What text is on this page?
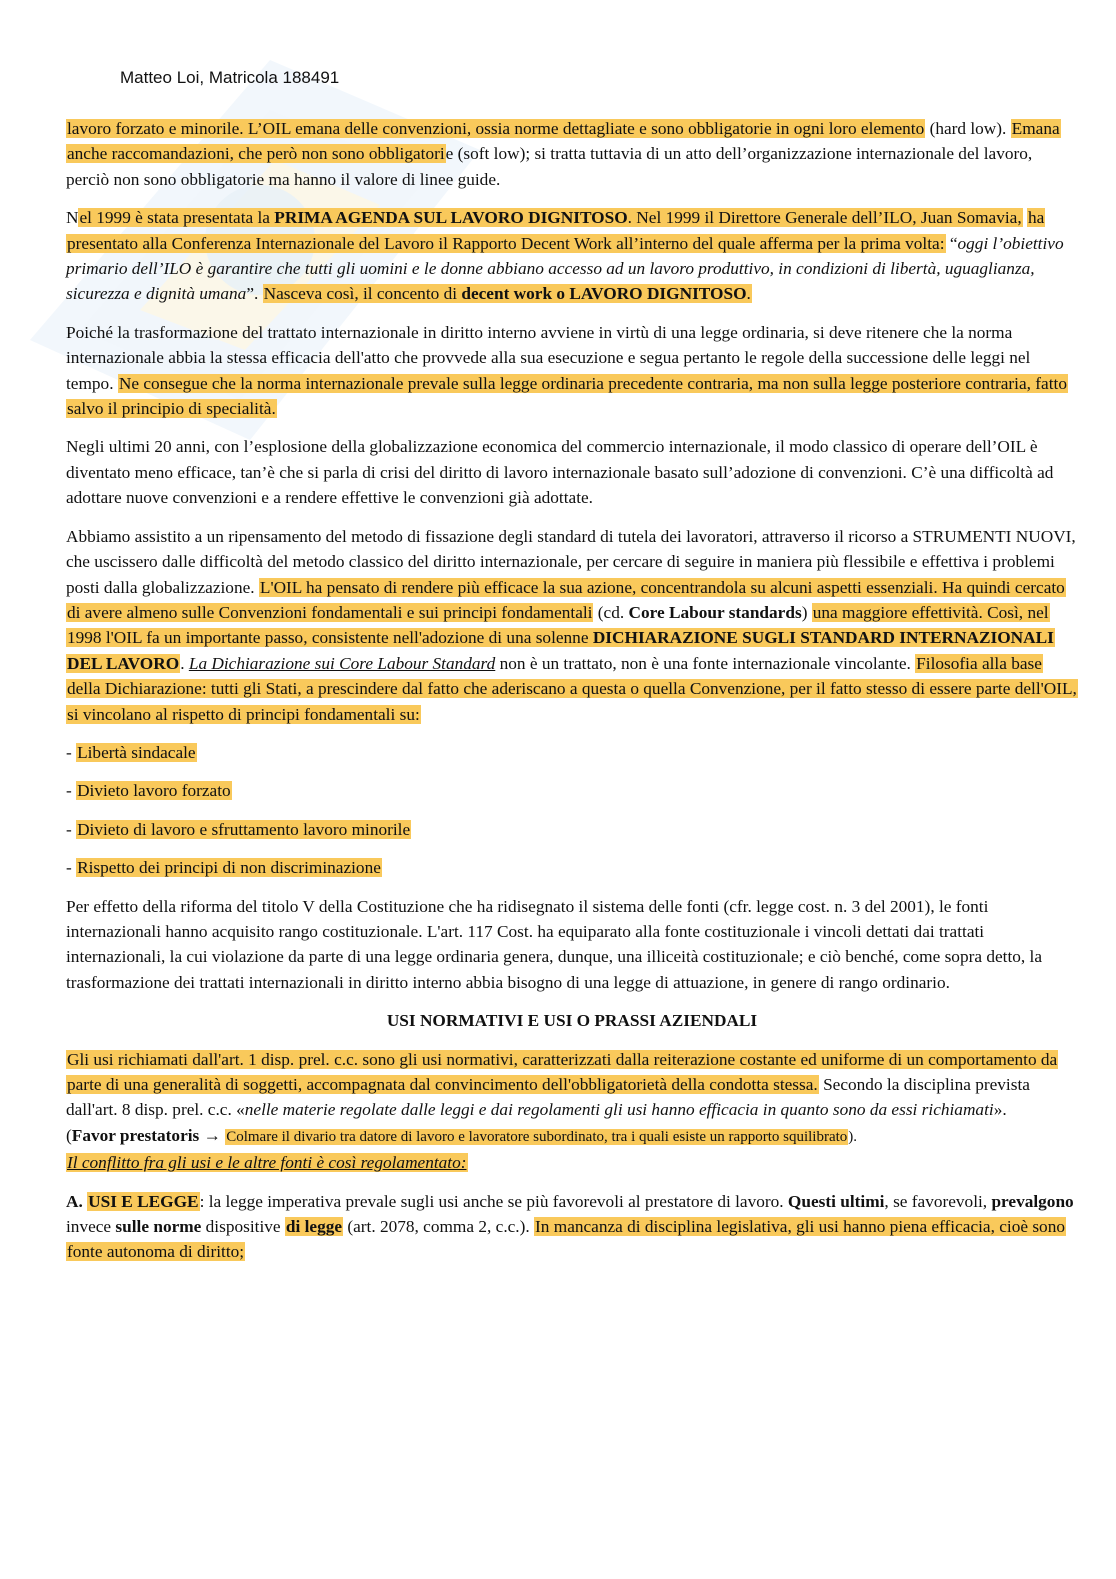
Matteo Loi, Matricola 188491

lavoro forzato e minorile. L’OIL emana delle convenzioni, ossia norme dettagliate e sono obbligatorie in ogni loro elemento (hard low). Emana anche raccomandazioni, che però non sono obbligatorie (soft low); si tratta tuttavia di un atto dell’organizzazione internazionale del lavoro, perciò non sono obbligatorie ma hanno il valore di linee guide.

Nel 1999 è stata presentata la PRIMA AGENDA SUL LAVORO DIGNITOSO. Nel 1999 il Direttore Generale dell’ILO, Juan Somavia, ha presentato alla Conferenza Internazionale del Lavoro il Rapporto Decent Work all’interno del quale afferma per la prima volta: “oggi l’obiettivo primario dell’ILO è garantire che tutti gli uomini e le donne abbiano accesso ad un lavoro produttivo, in condizioni di libertà, uguaglianza, sicurezza e dignità umana”. Nasceva così, il concento di decent work o LAVORO DIGNITOSO.

Poiché la trasformazione del trattato internazionale in diritto interno avviene in virtù di una legge ordinaria, si deve ritenere che la norma internazionale abbia la stessa efficacia dell'atto che provvede alla sua esecuzione e segua pertanto le regole della successione delle leggi nel tempo. Ne consegue che la norma internazionale prevale sulla legge ordinaria precedente contraria, ma non sulla legge posteriore contraria, fatto salvo il principio di specialità.

Negli ultimi 20 anni, con l’esplosione della globalizzazione economica del commercio internazionale, il modo classico di operare dell’OIL è diventato meno efficace, tan’è che si parla di crisi del diritto di lavoro internazionale basato sull’adozione di convenzioni. C’è una difficoltà ad adottare nuove convenzioni e a rendere effettive le convenzioni già adottate.

Abbiamo assistito a un ripensamento del metodo di fissazione degli standard di tutela dei lavoratori, attraverso il ricorso a STRUMENTI NUOVI, che uscissero dalle difficoltà del metodo classico del diritto internazionale, per cercare di seguire in maniera più flessibile e effettiva i problemi posti dalla globalizzazione. L'OIL ha pensato di rendere più efficace la sua azione, concentrandola su alcuni aspetti essenziali. Ha quindi cercato di avere almeno sulle Convenzioni fondamentali e sui principi fondamentali (cd. Core Labour standards) una maggiore effettività. Così, nel 1998 l'OIL fa un importante passo, consistente nell'adozione di una solenne DICHIARAZIONE SUGLI STANDARD INTERNAZIONALI DEL LAVORO. La Dichiarazione sui Core Labour Standard non è un trattato, non è una fonte internazionale vincolante. Filosofia alla base della Dichiarazione: tutti gli Stati, a prescindere dal fatto che aderiscano a questa o quella Convenzione, per il fatto stesso di essere parte dell'OIL, si vincolano al rispetto di principi fondamentali su:

- Libertà sindacale

- Divieto lavoro forzato

- Divieto di lavoro e sfruttamento lavoro minorile

- Rispetto dei principi di non discriminazione

Per effetto della riforma del titolo V della Costituzione che ha ridisegnato il sistema delle fonti (cfr. legge cost. n. 3 del 2001), le fonti internazionali hanno acquisito rango costituzionale. L'art. 117 Cost. ha equiparato alla fonte costituzionale i vincoli dettati dai trattati internazionali, la cui violazione da parte di una legge ordinaria genera, dunque, una illiceità costituzionale; e ciò benché, come sopra detto, la trasformazione dei trattati internazionali in diritto interno abbia bisogno di una legge di attuazione, in genere di rango ordinario.

USI NORMATIVI E USI O PRASSI AZIENDALI

Gli usi richiamati dall'art. 1 disp. prel. c.c. sono gli usi normativi, caratterizzati dalla reiterazione costante ed uniforme di un comportamento da parte di una generalità di soggetti, accompagnata dal convincimento dell'obbligatorietà della condotta stessa. Secondo la disciplina prevista dall'art. 8 disp. prel. c.c. «nelle materie regolate dalle leggi e dai regolamenti gli usi hanno efficacia in quanto sono da essi richiamati».

(Favor prestatoris → Colmare il divario tra datore di lavoro e lavoratore subordinato, tra i quali esiste un rapporto squilibrato).

Il conflitto fra gli usi e le altre fonti è così regolamentato:

A. USI E LEGGE: la legge imperativa prevale sugli usi anche se più favorevoli al prestatore di lavoro. Questi ultimi, se favorevoli, prevalgono invece sulle norme dispositive di legge (art. 2078, comma 2, c.c.). In mancanza di disciplina legislativa, gli usi hanno piena efficacia, cioè sono fonte autonoma di diritto;
